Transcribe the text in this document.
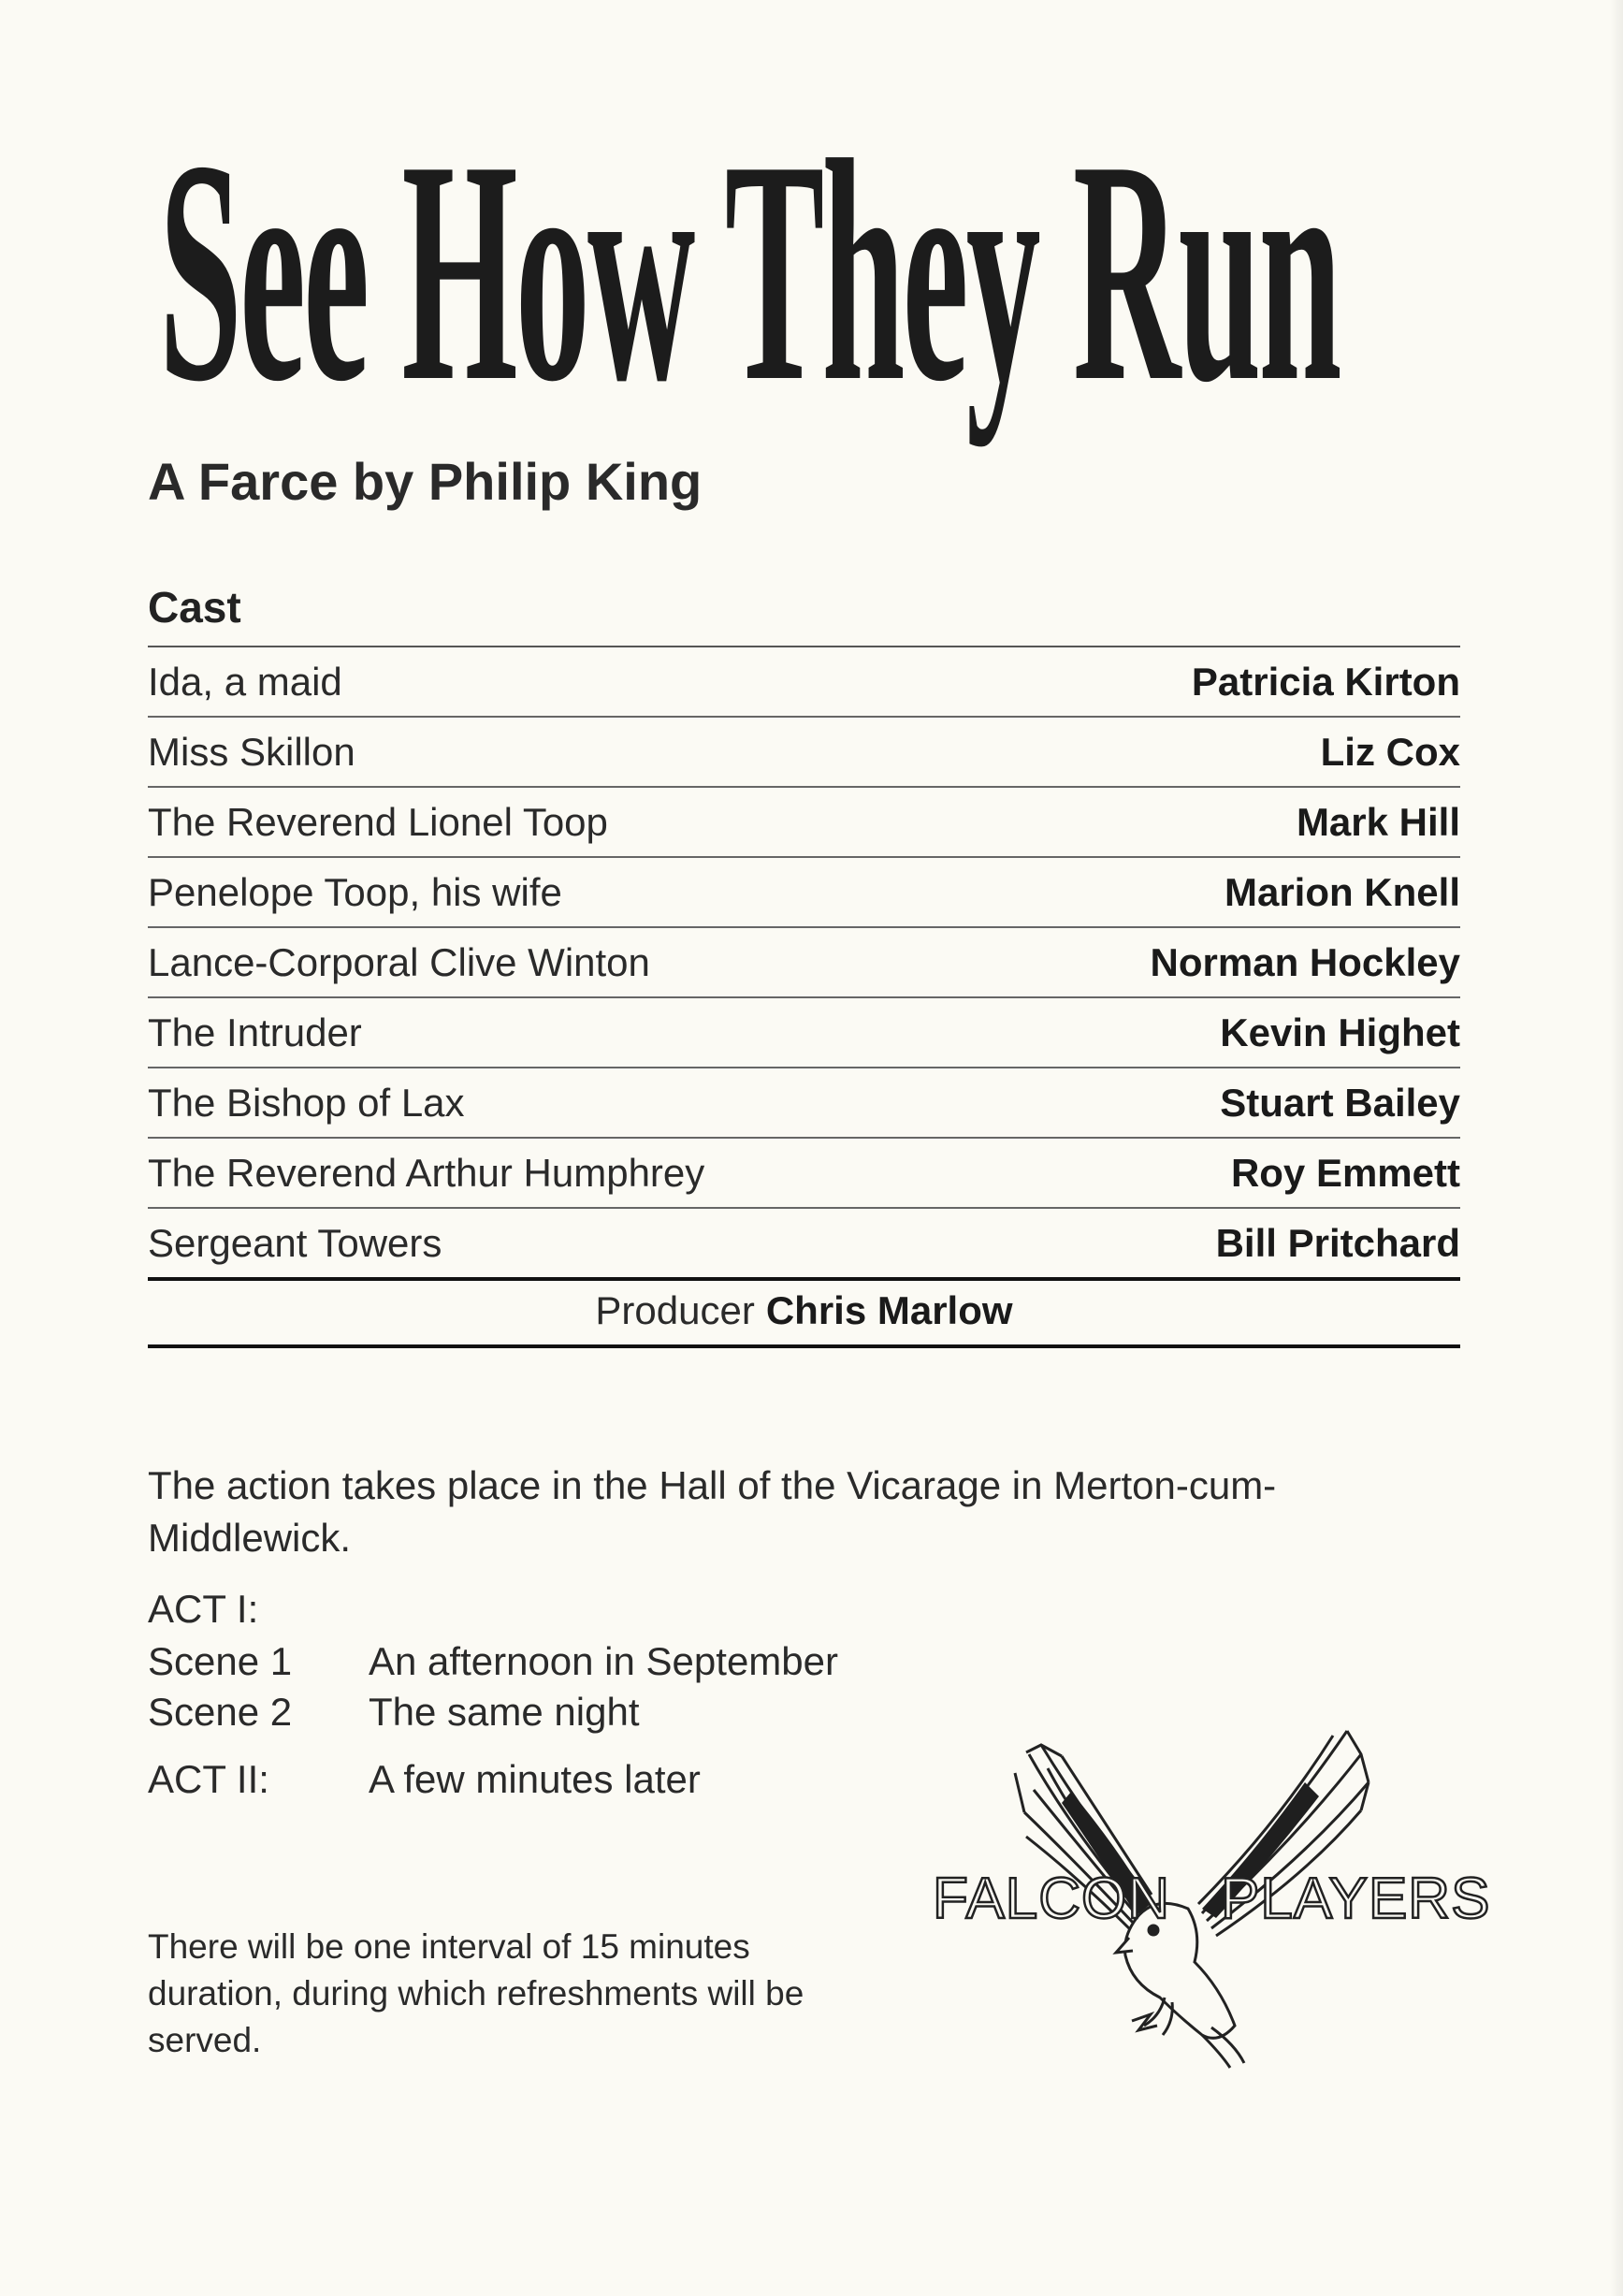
See How They Run
A Farce by Philip King
Cast
Ida, a maid	Patricia Kirton
Miss Skillon	Liz Cox
The Reverend Lionel Toop	Mark Hill
Penelope Toop, his wife	Marion Knell
Lance-Corporal Clive Winton	Norman Hockley
The Intruder	Kevin Highet
The Bishop of Lax	Stuart Bailey
The Reverend Arthur Humphrey	Roy Emmett
Sergeant Towers	Bill Pritchard
Producer Chris Marlow
The action takes place in the Hall of the Vicarage in Merton-cum-Middlewick.
ACT I:
Scene 1 An afternoon in September
Scene 2 The same night
ACT II:	A few minutes later
There will be one interval of 15 minutes duration, during which refreshments will be served.
FALCON PLAYERS
